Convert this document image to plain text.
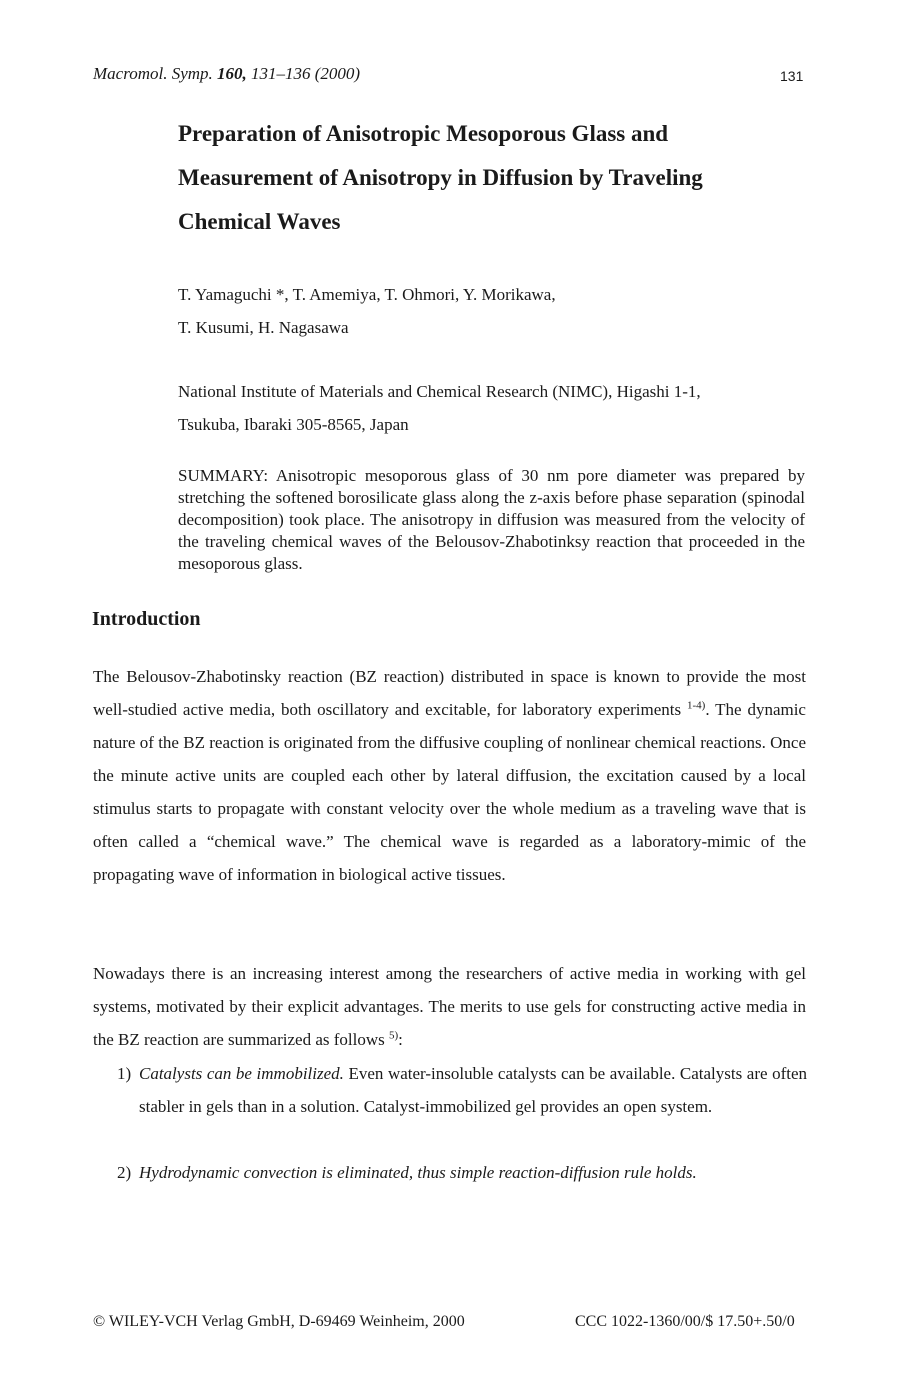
Macromol. Symp. 160, 131–136 (2000)	131
Preparation of Anisotropic Mesoporous Glass and
Measurement of Anisotropy in Diffusion by Traveling
Chemical Waves
T. Yamaguchi *, T. Amemiya, T. Ohmori, Y. Morikawa,
T. Kusumi, H. Nagasawa
National Institute of Materials and Chemical Research (NIMC), Higashi 1-1,
Tsukuba, Ibaraki 305-8565, Japan

SUMMARY: Anisotropic mesoporous glass of 30 nm pore diameter was prepared by stretching the softened borosilicate glass along the z-axis before phase separation (spinodal decomposition) took place. The anisotropy in diffusion was measured from the velocity of the traveling chemical waves of the Belousov-Zhabotinksy reaction that proceeded in the mesoporous glass.

Introduction

The Belousov-Zhabotinsky reaction (BZ reaction) distributed in space is known to provide the most well-studied active media, both oscillatory and excitable, for laboratory experiments $^{1-4)}$. The dynamic nature of the BZ reaction is originated from the diffusive coupling of nonlinear chemical reactions. Once the minute active units are coupled each other by lateral diffusion, the excitation caused by a local stimulus starts to propagate with constant velocity over the whole medium as a traveling wave that is often called a “chemical wave.” The chemical wave is regarded as a laboratory-mimic of the propagating wave of information in biological active tissues.

Nowadays there is an increasing interest among the researchers of active media in working with gel systems, motivated by their explicit advantages. The merits to use gels for constructing active media in the BZ reaction are summarized as follows $^{5)}$:

1) Catalysts can be immobilized. Even water-insoluble catalysts can be available. Catalysts are often stabler in gels than in a solution. Catalyst-immobilized gel provides an open system.
2) Hydrodynamic convection is eliminated, thus simple reaction-diffusion rule holds.
© WILEY-VCH Verlag GmbH, D-69469 Weinheim, 2000	CCC 1022-1360/00/$ 17.50+.50/0
